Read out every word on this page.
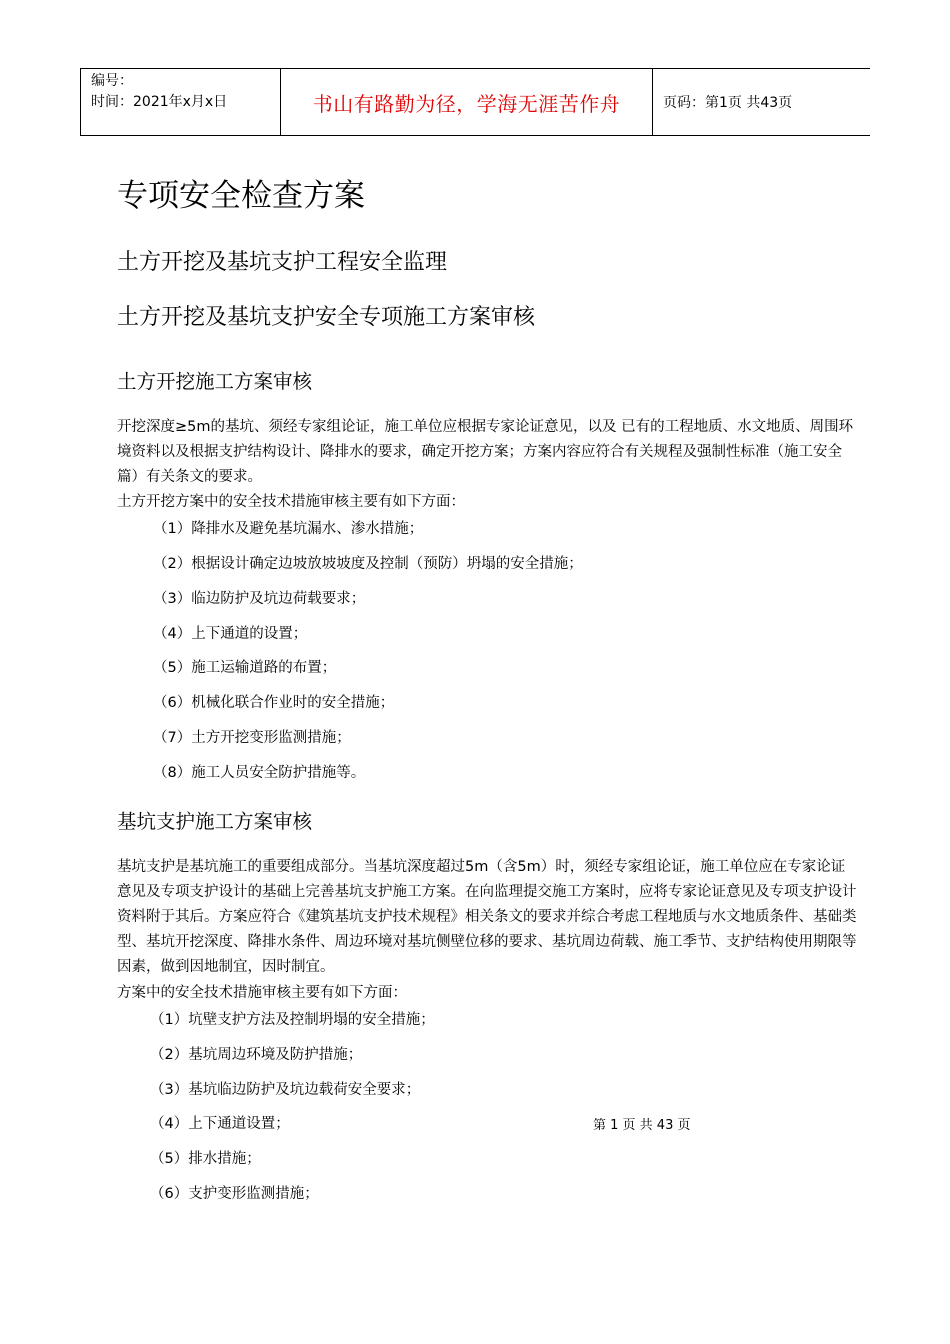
编号：
时间：2021年x月x日	书山有路勤为径，学海无涯苦作舟	页码：第1页 共43页
专项安全检查方案
土方开挖及基坑支护工程安全监理
土方开挖及基坑支护安全专项施工方案审核
土方开挖施工方案审核

开挖深度≥5m的基坑、须经专家组论证，施工单位应根据专家论证意见，以及 已有的工程地质、水文地质、周围环境资料以及根据支护结构设计、降排水的要求，确定开挖方案；方案内容应符合有关规程及强制性标准（施工安全篇）有关条文的要求。

土方开挖方案中的安全技术措施审核主要有如下方面：

（1）降排水及避免基坑漏水、渗水措施；

（2）根据设计确定边坡放坡坡度及控制（预防）坍塌的安全措施；

（3）临边防护及坑边荷载要求；

（4）上下通道的设置；

（5）施工运输道路的布置；

（6）机械化联合作业时的安全措施；

（7）土方开挖变形监测措施；

（8）施工人员安全防护措施等。

基坑支护施工方案审核

基坑支护是基坑施工的重要组成部分。当基坑深度超过5m（含5m）时，须经专家组论证，施工单位应在专家论证意见及专项支护设计的基础上完善基坑支护施工方案。在向监理提交施工方案时，应将专家论证意见及专项支护设计资料附于其后。方案应符合《建筑基坑支护技术规程》相关条文的要求并综合考虑工程地质与水文地质条件、基础类型、基坑开挖深度、降排水条件、周边环境对基坑侧壁位移的要求、基坑周边荷载、施工季节、支护结构使用期限等因素，做到因地制宜，因时制宜。

方案中的安全技术措施审核主要有如下方面：

（1）坑壁支护方法及控制坍塌的安全措施；

（2）基坑周边环境及防护措施；

（3）基坑临边防护及坑边载荷安全要求；

（4）上下通道设置；

（5）排水措施；

（6）支护变形监测措施；

第 1 页 共 43 页
